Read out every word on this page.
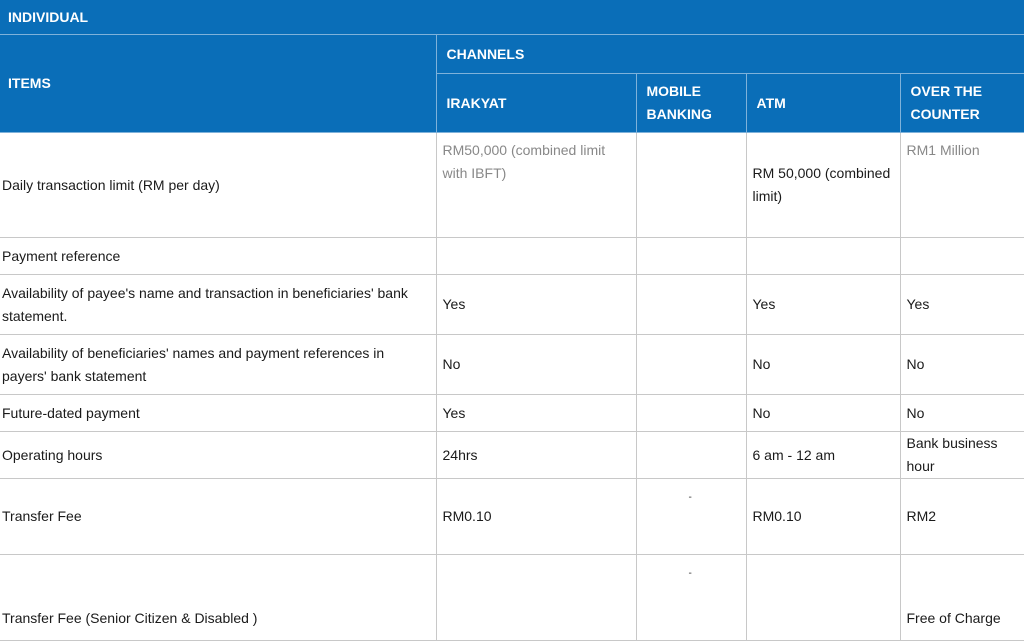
INDIVIDUAL				
ITEMS	CHANNELS			
	IRAKYAT	MOBILE BANKING	ATM	OVER THE COUNTER
Daily transaction limit (RM per day)	RM50,000 (combined limit with IBFT)		RM 50,000 (combined limit)	RM1 Million
Payment reference				
Availability of payee's name and transaction in beneficiaries' bank statement.	Yes		Yes	Yes
Availability of beneficiaries' names and payment references in payers' bank statement	No		No	No
Future-dated payment	Yes		No	No
Operating hours	24hrs		6 am - 12 am	Bank business hour
Transfer Fee	RM0.10	-	RM0.10	RM2
Transfer Fee (Senior Citizen & Disabled )		-		Free of Charge
